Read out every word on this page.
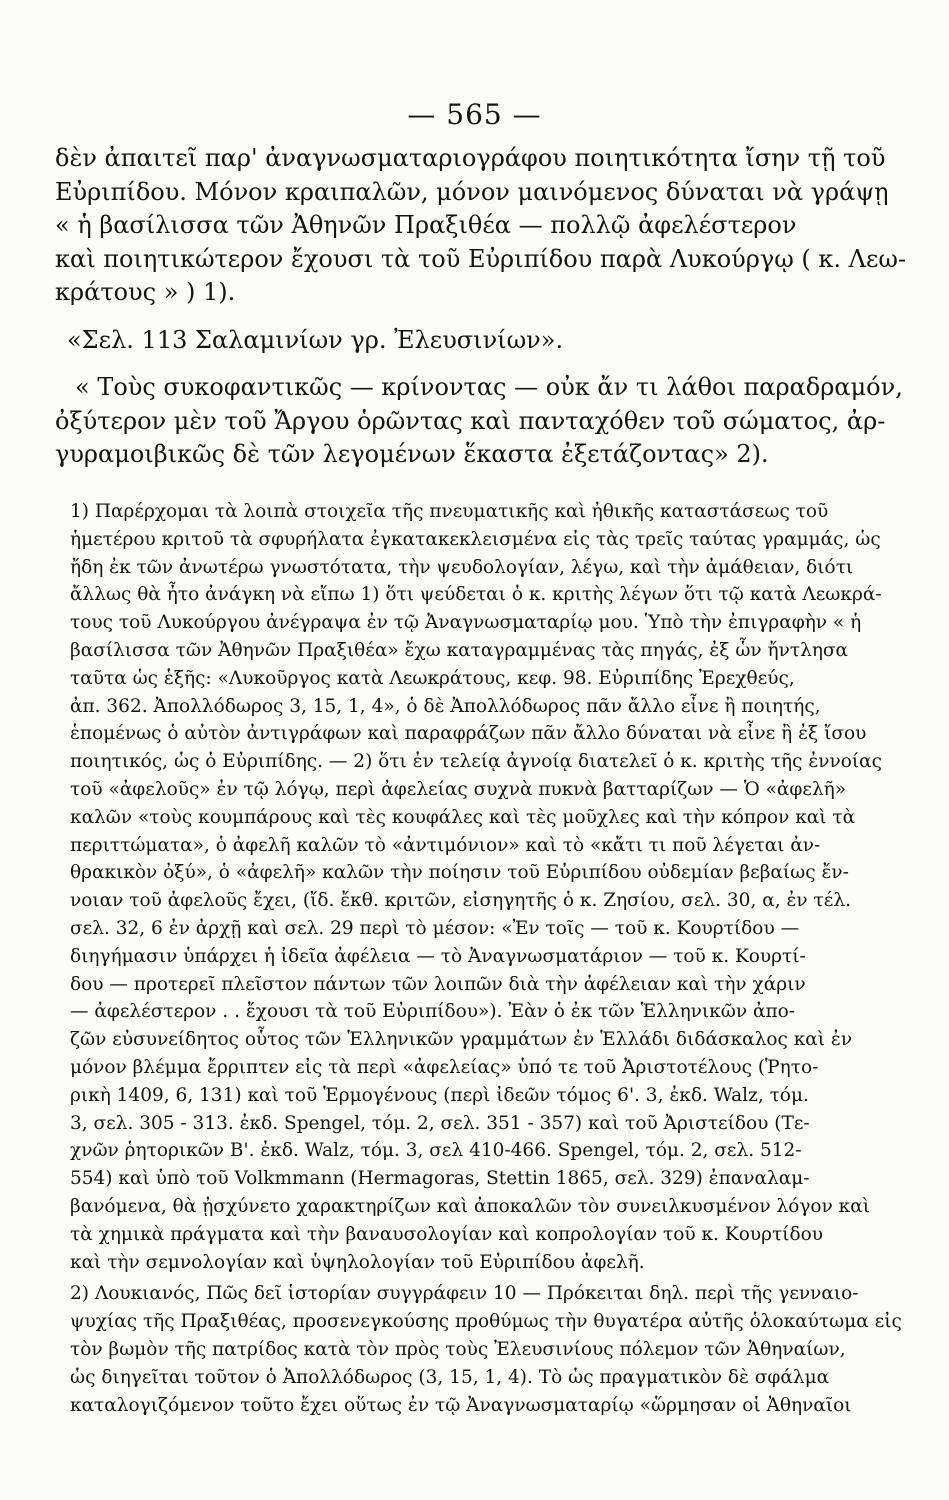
— 565 —

δὲν ἀπαιτεῖ παρ' ἀναγνωσματαριογράφου ποιητικότητα ἴσην τῇ τοῦ
Εὐριπίδου. Μόνον κραιπαλῶν, μόνον μαινόμενος δύναται νὰ γράψῃ
« ἡ βασίλισσα τῶν Ἀθηνῶν Πραξιθέα — πολλῷ ἀφελέστερον
καὶ ποιητικώτερον ἔχουσι τὰ τοῦ Εὐριπίδου παρὰ Λυκούργῳ ( κ. Λεω-
κράτους » ) 1).

«Σελ. 113 Σαλαμινίων γρ. Ἐλευσινίων».

« Τοὺς συκοφαντικῶς — κρίνοντας — οὐκ ἄν τι λάθοι παραδραμόν,
ὀξύτερον μὲν τοῦ Ἄργου ὁρῶντας καὶ πανταχόθεν τοῦ σώματος, ἀρ-
γυραμοιβικῶς δὲ τῶν λεγομένων ἕκαστα ἐξετάζοντας» 2).

1) Παρέρχομαι τὰ λοιπὰ στοιχεῖα τῆς πνευματικῆς καὶ ἠθικῆς καταστάσεως τοῦ
ἡμετέρου κριτοῦ τὰ σφυρήλατα ἐγκατακεκλεισμένα εἰς τὰς τρεῖς ταύτας γραμμάς, ὡς
ἤδη ἐκ τῶν ἀνωτέρω γνωστότατα, τὴν ψευδολογίαν, λέγω, καὶ τὴν ἀμάθειαν, διότι
ἄλλως θὰ ἦτο ἀνάγκη νὰ εἴπω 1) ὅτι ψεύδεται ὁ κ. κριτὴς λέγων ὅτι τῷ κατὰ Λεωκρά-
τους τοῦ Λυκούργου ἀνέγραψα ἐν τῷ Ἀναγνωσματαρίῳ μου. Ὑπὸ τὴν ἐπιγραφὴν « ἡ
βασίλισσα τῶν Ἀθηνῶν Πραξιθέα» ἔχω καταγραμμένας τὰς πηγάς, ἐξ ὧν ἤντλησα
ταῦτα ὡς ἑξῆς: «Λυκοῦργος κατὰ Λεωκράτους, κεφ. 98. Εὐριπίδης Ἐρεχθεύς,
ἀπ. 362. Ἀπολλόδωρος 3, 15, 1, 4», ὁ δὲ Ἀπολλόδωρος πᾶν ἄλλο εἶνε ἢ ποιητής,
ἑπομένως ὁ αὐτὸν ἀντιγράφων καὶ παραφράζων πᾶν ἄλλο δύναται νὰ εἶνε ἢ ἐξ ἴσου
ποιητικός, ὡς ὁ Εὐριπίδης. — 2) ὅτι ἐν τελείᾳ ἀγνοίᾳ διατελεῖ ὁ κ. κριτὴς τῆς ἐννοίας
τοῦ «ἀφελοῦς» ἐν τῷ λόγῳ, περὶ ἀφελείας συχνὰ πυκνὰ βατταρίζων — Ὁ «ἀφελῆ»
καλῶν «τοὺς κουμπάρους καὶ τὲς κουφάλες καὶ τὲς μοῦχλες καὶ τὴν κόπρον καὶ τὰ
περιττώματα», ὁ ἀφελῆ καλῶν τὸ «ἀντιμόνιον» καὶ τὸ «κἄτι τι ποῦ λέγεται ἀν-
θρακικὸν ὀξύ», ὁ «ἀφελῆ» καλῶν τὴν ποίησιν τοῦ Εὐριπίδου οὐδεμίαν βεβαίως ἔν-
νοιαν τοῦ ἀφελοῦς ἔχει, (ἴδ. ἔκθ. κριτῶν, εἰσηγητῆς ὁ κ. Ζησίου, σελ. 30, α, ἐν τέλ.
σελ. 32, 6 ἐν ἀρχῇ καὶ σελ. 29 περὶ τὸ μέσον: «Ἐν τοῖς — τοῦ κ. Κουρτίδου —
διηγήμασιν ὑπάρχει ἡ ἰδεῖα ἀφέλεια — τὸ Ἀναγνωσματάριον — τοῦ κ. Κουρτί-
δου — προτερεῖ πλεῖστον πάντων τῶν λοιπῶν διὰ τὴν ἀφέλειαν καὶ τὴν χάριν
— ἀφελέστερον . . ἔχουσι τὰ τοῦ Εὐριπίδου»). Ἐὰν ὁ ἐκ τῶν Ἑλληνικῶν ἀπο-
ζῶν εὐσυνείδητος οὗτος τῶν Ἑλληνικῶν γραμμάτων ἐν Ἑλλάδι διδάσκαλος καὶ ἐν
μόνον βλέμμα ἔρριπτεν εἰς τὰ περὶ «ἀφελείας» ὑπό τε τοῦ Ἀριστοτέλους (Ῥητο-
ρικὴ 1409, 6, 131) καὶ τοῦ Ἑρμογένους (περὶ ἰδεῶν τόμος 6'. 3, ἐκδ. Walz, τόμ.
3, σελ. 305 - 313. ἐκδ. Spengel, τόμ. 2, σελ. 351 - 357) καὶ τοῦ Ἀριστείδου (Τε-
χνῶν ῥητορικῶν Β'. ἐκδ. Walz, τόμ. 3, σελ 410-466. Spengel, τόμ. 2, σελ. 512-
554) καὶ ὑπὸ τοῦ Volkmmann (Hermagoras, Stettin 1865, σελ. 329) ἐπαναλαμ-
βανόμενα, θὰ ᾐσχύνετο χαρακτηρίζων καὶ ἀποκαλῶν τὸν συνειλκυσμένον λόγον καὶ
τὰ χημικὰ πράγματα καὶ τὴν βαναυσολογίαν καὶ κοπρολογίαν τοῦ κ. Κουρτίδου
καὶ τὴν σεμνολογίαν καὶ ὑψηλολογίαν τοῦ Εὐριπίδου ἀφελῆ.

2) Λουκιανός, Πῶς δεῖ ἱστορίαν συγγράφειν 10 — Πρόκειται δηλ. περὶ τῆς γενναιο-
ψυχίας τῆς Πραξιθέας, προσενεγκούσης προθύμως τὴν θυγατέρα αὐτῆς ὁλοκαύτωμα εἰς
τὸν βωμὸν τῆς πατρίδος κατὰ τὸν πρὸς τοὺς Ἐλευσινίους πόλεμον τῶν Ἀθηναίων,
ὡς διηγεῖται τοῦτον ὁ Ἀπολλόδωρος (3, 15, 1, 4). Τὸ ὡς πραγματικὸν δὲ σφάλμα
καταλογιζόμενον τοῦτο ἔχει οὕτως ἐν τῷ Ἀναγνωσματαρίῳ «ὥρμησαν οἱ Ἀθηναῖοι
